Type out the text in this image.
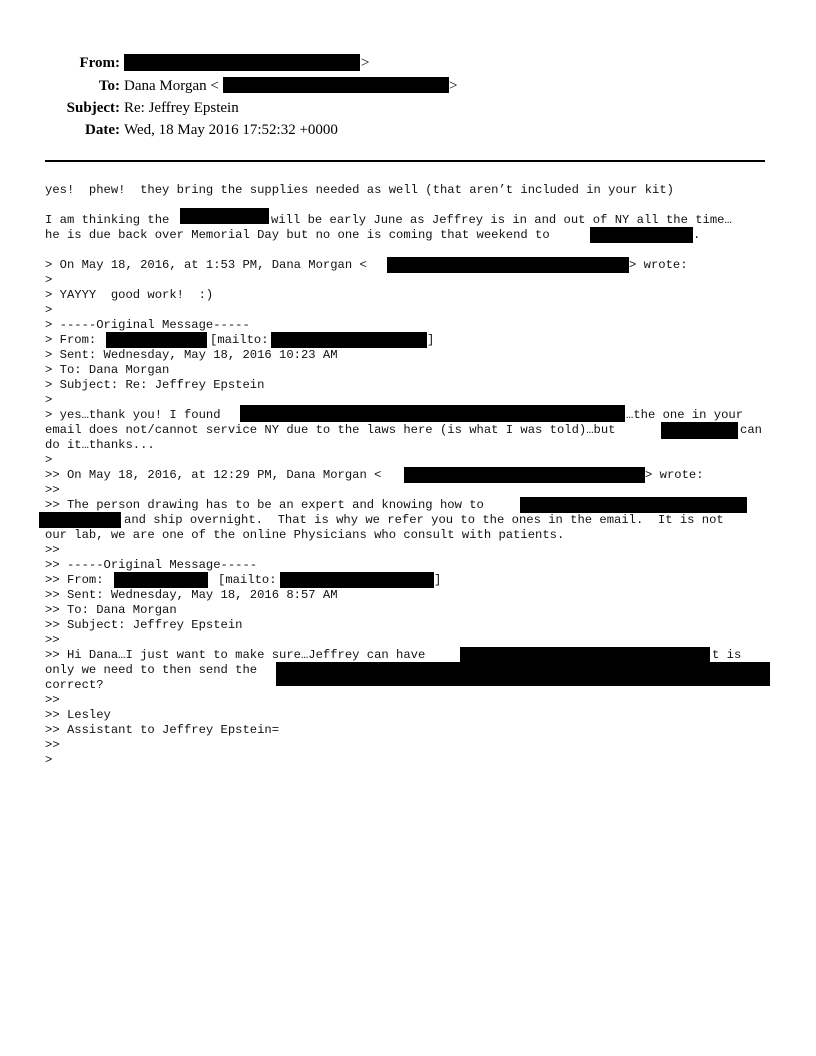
From:	>
To: Dana Morgan <	>
Subject: Re: Jeffrey Epstein
Date: Wed, 18 May 2016 17:52:32 +0000
yes!  phew!  they bring the supplies needed as well (that aren’t included in your kit)
I am thinking the	will be early June as Jeffrey is in and out of NY all the time…
he is due back over Memorial Day but no one is coming that weekend to	.
> On May 18, 2016, at 1:53 PM, Dana Morgan <	> wrote:
>
> YAYYY  good work!  :)
>
> -----Original Message-----
> From:	[mailto:	]
> Sent: Wednesday, May 18, 2016 10:23 AM
> To: Dana Morgan
> Subject: Re: Jeffrey Epstein
>
> yes…thank you! I found	…the one in your
email does not/cannot service NY due to the laws here (is what I was told)…but	can
do it…thanks...
>
>> On May 18, 2016, at 12:29 PM, Dana Morgan <	> wrote:
>>
>> The person drawing has to be an expert and knowing how to
and ship overnight.  That is why we refer you to the ones in the email.  It is not
our lab, we are one of the online Physicians who consult with patients.
>>
>> -----Original Message-----
>> From:	[mailto:	]
>> Sent: Wednesday, May 18, 2016 8:57 AM
>> To: Dana Morgan
>> Subject: Jeffrey Epstein
>>
>> Hi Dana…I just want to make sure…Jeffrey can have	t is
only we need to then send the
correct?
>>
>> Lesley
>> Assistant to Jeffrey Epstein=
>>
>
